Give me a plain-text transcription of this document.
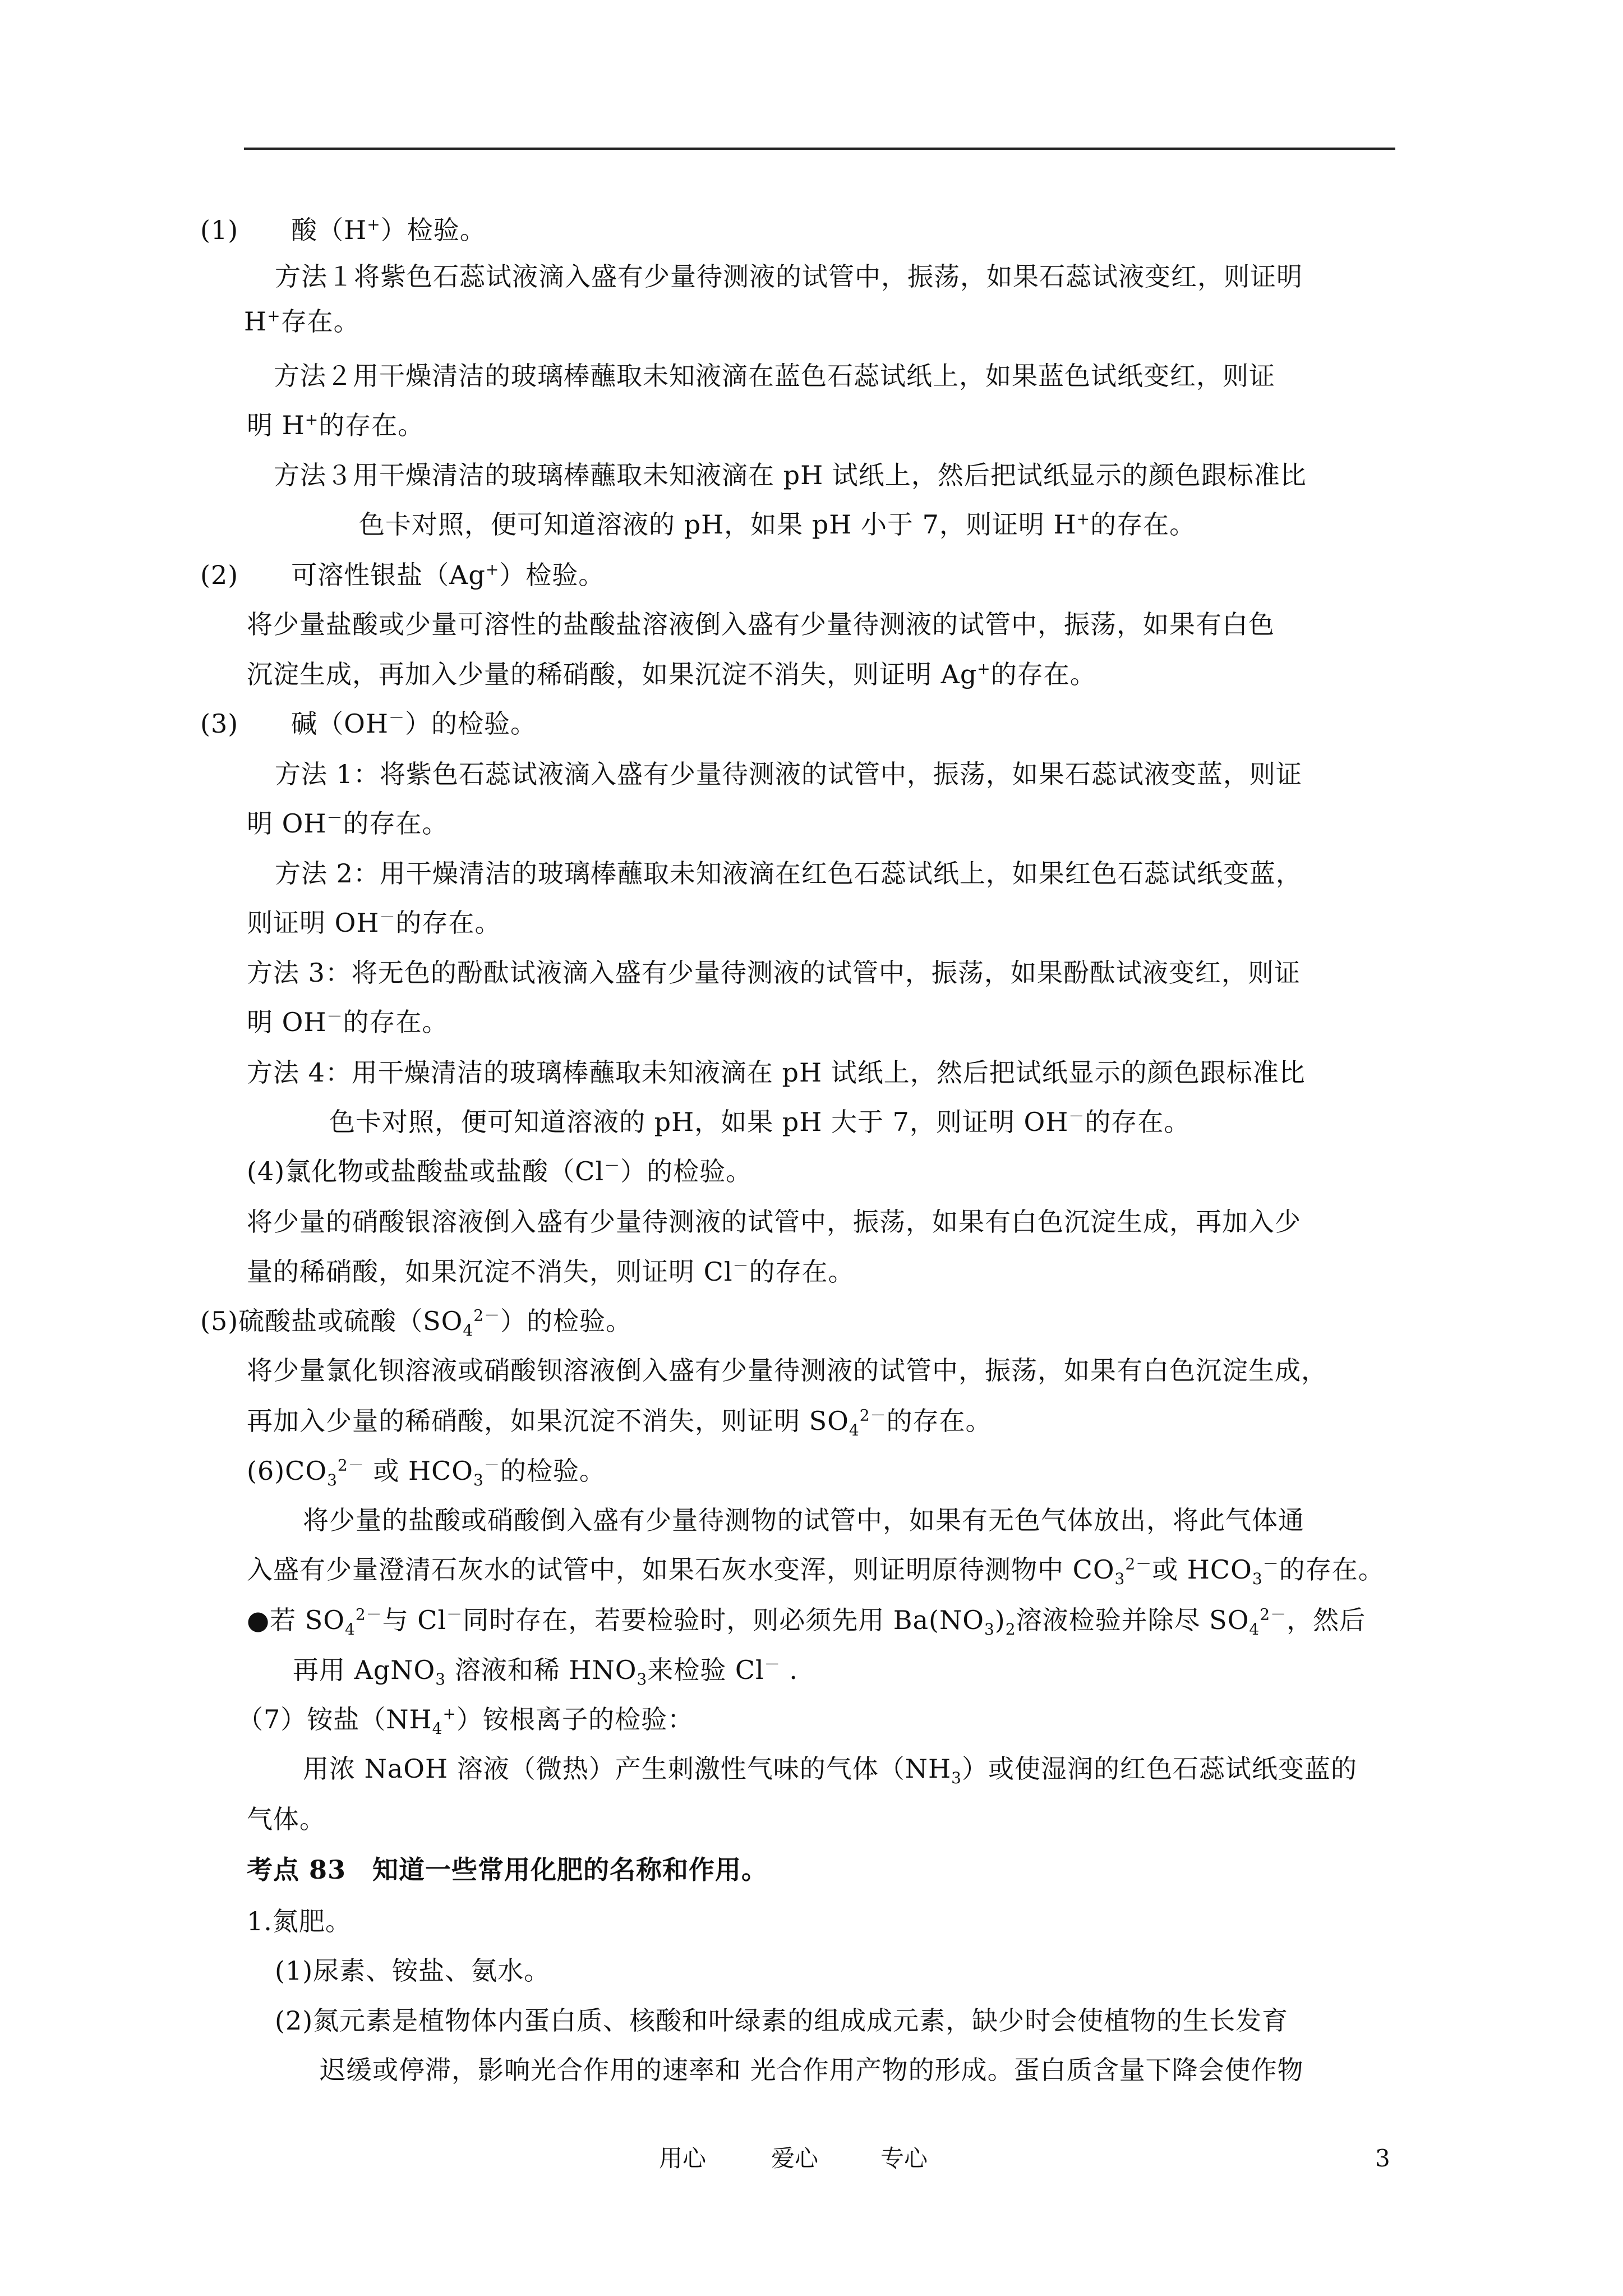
(1)　　酸（H+）检验。
方法１将紫色石蕊试液滴入盛有少量待测液的试管中，振荡，如果石蕊试液变红，则证明
H+存在。
方法２用干燥清洁的玻璃棒蘸取未知液滴在蓝色石蕊试纸上，如果蓝色试纸变红，则证
明 H+的存在。
方法３用干燥清洁的玻璃棒蘸取未知液滴在 pH 试纸上，然后把试纸显示的颜色跟标准比
色卡对照，便可知道溶液的 pH，如果 pH 小于 7，则证明 H+的存在。
(2)　　可溶性银盐（Ag+）检验。
将少量盐酸或少量可溶性的盐酸盐溶液倒入盛有少量待测液的试管中，振荡，如果有白色
沉淀生成，再加入少量的稀硝酸，如果沉淀不消失，则证明 Ag+的存在。
(3)　　碱（OH－）的检验。
方法 1：将紫色石蕊试液滴入盛有少量待测液的试管中，振荡，如果石蕊试液变蓝，则证
明 OH－的存在。
方法 2：用干燥清洁的玻璃棒蘸取未知液滴在红色石蕊试纸上，如果红色石蕊试纸变蓝，
则证明 OH－的存在。
方法 3：将无色的酚酞试液滴入盛有少量待测液的试管中，振荡，如果酚酞试液变红，则证
明 OH－的存在。
方法 4：用干燥清洁的玻璃棒蘸取未知液滴在 pH 试纸上，然后把试纸显示的颜色跟标准比
色卡对照，便可知道溶液的 pH，如果 pH 大于 7，则证明 OH－的存在。
(4)氯化物或盐酸盐或盐酸（Cl－）的检验。
将少量的硝酸银溶液倒入盛有少量待测液的试管中，振荡，如果有白色沉淀生成，再加入少
量的稀硝酸，如果沉淀不消失，则证明 Cl－的存在。
(5)硫酸盐或硫酸$(SO_4^{2-})$的检验。
将少量氯化钡溶液或硝酸钡溶液倒入盛有少量待测液的试管中，振荡，如果有白色沉淀生成，
再加入少量的稀硝酸，如果沉淀不消失，则证明 $SO_4^{2-}$的存在。
$(6)CO_3^{2-}$ 或 $HCO_3^-$的检验。
将少量的盐酸或硝酸倒入盛有少量待测物的试管中，如果有无色气体放出，将此气体通
入盛有少量澄清石灰水的试管中，如果石灰水变浑，则证明原待测物中 $CO_3^{2-}$或 $HCO_3^-$的存在。
●若 $SO_4^{2-}$与 Cl－同时存在，若要检验时，则必须先用 $Ba(NO_3)_2$溶液检验并除尽 $SO_4^{2-}$，然后
再用 AgNO$_3$ 溶液和稀 $HNO_3$来检验 Cl－ .
（7）铵盐$(NH_4^+)$铵根离子的检验：
用浓 NaOH 溶液（微热）产生刺激性气味的气体$(NH_3)$或使湿润的红色石蕊试纸变蓝的
气体。
考点 83　知道一些常用化肥的名称和作用。
1.氮肥。
(1)尿素、铵盐、氨水。
(2)氮元素是植物体内蛋白质、核酸和叶绿素的组成成元素，缺少时会使植物的生长发育
迟缓或停滞，影响光合作用的速率和 光合作用产物的形成。蛋白质含量下降会使作物
用心	爱心	专心	3
